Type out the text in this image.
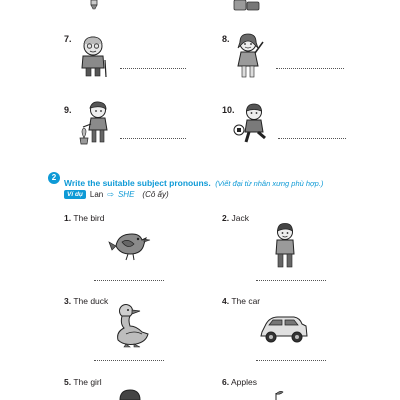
7.	8.
9.	10.
2
Write the suitable subject pronouns. (Viết đại từ nhân xưng phù hợp.)
Ví dụ Lan ⇨ SHE (Cô ấy)
1. The bird	2. Jack
3. The duck	4. The car
5. The girl	6. Apples
